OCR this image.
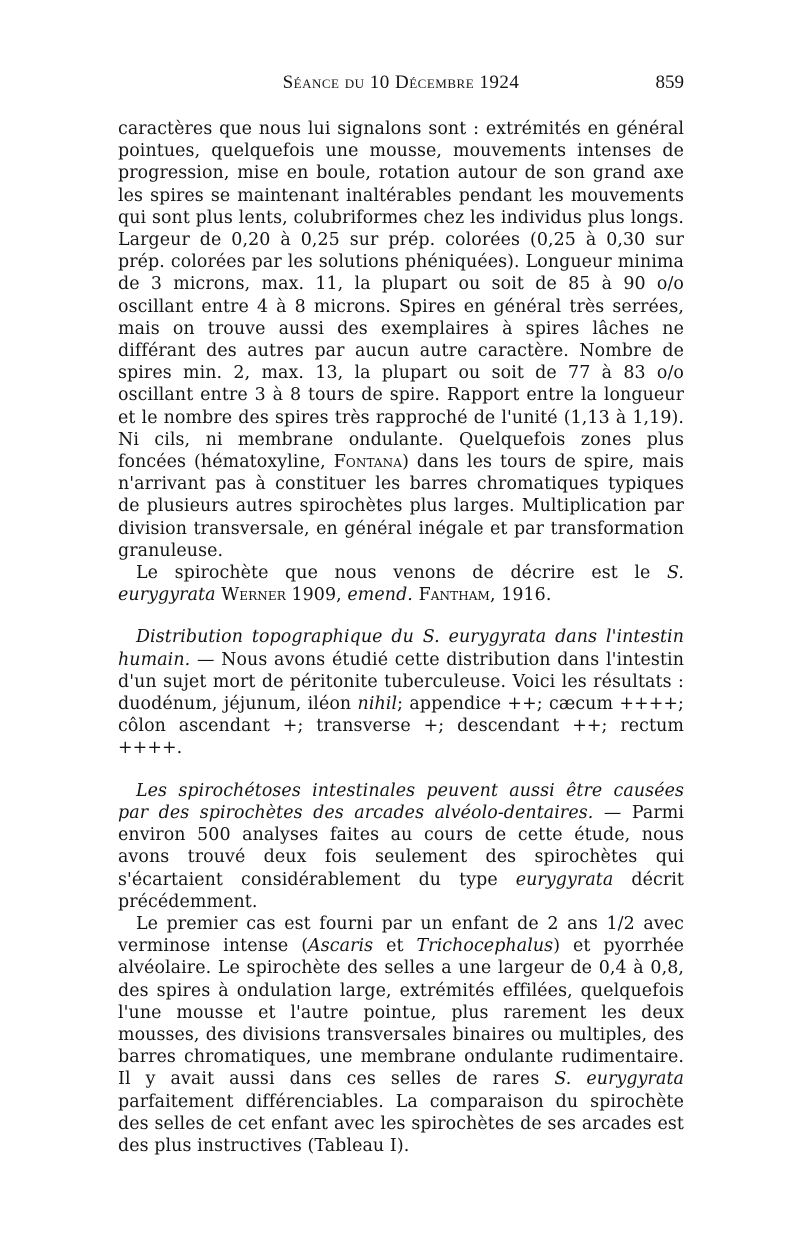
Séance du 10 Décembre 1924	859

caractères que nous lui signalons sont : extrémités en général pointues, quelquefois une mousse, mouvements intenses de progression, mise en boule, rotation autour de son grand axe les spires se maintenant inaltérables pendant les mouvements qui sont plus lents, colubriformes chez les individus plus longs. Largeur de 0,20 à 0,25 sur prép. colorées (0,25 à 0,30 sur prép. colorées par les solutions phéniquées). Longueur minima de 3 microns, max. 11, la plupart ou soit de 85 à 90 o/o oscillant entre 4 à 8 microns. Spires en général très serrées, mais on trouve aussi des exemplaires à spires lâches ne différant des autres par aucun autre caractère. Nombre de spires min. 2, max. 13, la plupart ou soit de 77 à 83 o/o oscillant entre 3 à 8 tours de spire. Rapport entre la longueur et le nombre des spires très rapproché de l'unité (1,13 à 1,19). Ni cils, ni membrane ondulante. Quelquefois zones plus foncées (hématoxyline, Fontana) dans les tours de spire, mais n'arrivant pas à constituer les barres chromatiques typiques de plusieurs autres spirochètes plus larges. Multiplication par division transversale, en général inégale et par transformation granuleuse.

Le spirochète que nous venons de décrire est le S. eurygyrata Werner 1909, emend. Fantham, 1916.

Distribution topographique du S. eurygyrata dans l'intestin humain. — Nous avons étudié cette distribution dans l'intestin d'un sujet mort de péritonite tuberculeuse. Voici les résultats : duodénum, jéjunum, iléon nihil; appendice ++; cæcum ++++; côlon ascendant +; transverse +; descendant ++; rectum ++++.

Les spirochétoses intestinales peuvent aussi être causées par des spirochètes des arcades alvéolo-dentaires. — Parmi environ 500 analyses faites au cours de cette étude, nous avons trouvé deux fois seulement des spirochètes qui s'écartaient considérablement du type eurygyrata décrit précédemment.

Le premier cas est fourni par un enfant de 2 ans 1/2 avec verminose intense (Ascaris et Trichocephalus) et pyorrhée alvéolaire. Le spirochète des selles a une largeur de 0,4 à 0,8, des spires à ondulation large, extrémités effilées, quelquefois l'une mousse et l'autre pointue, plus rarement les deux mousses, des divisions transversales binaires ou multiples, des barres chromatiques, une membrane ondulante rudimentaire. Il y avait aussi dans ces selles de rares S. eurygyrata parfaitement différenciables. La comparaison du spirochète des selles de cet enfant avec les spirochètes de ses arcades est des plus instructives (Tableau I).
